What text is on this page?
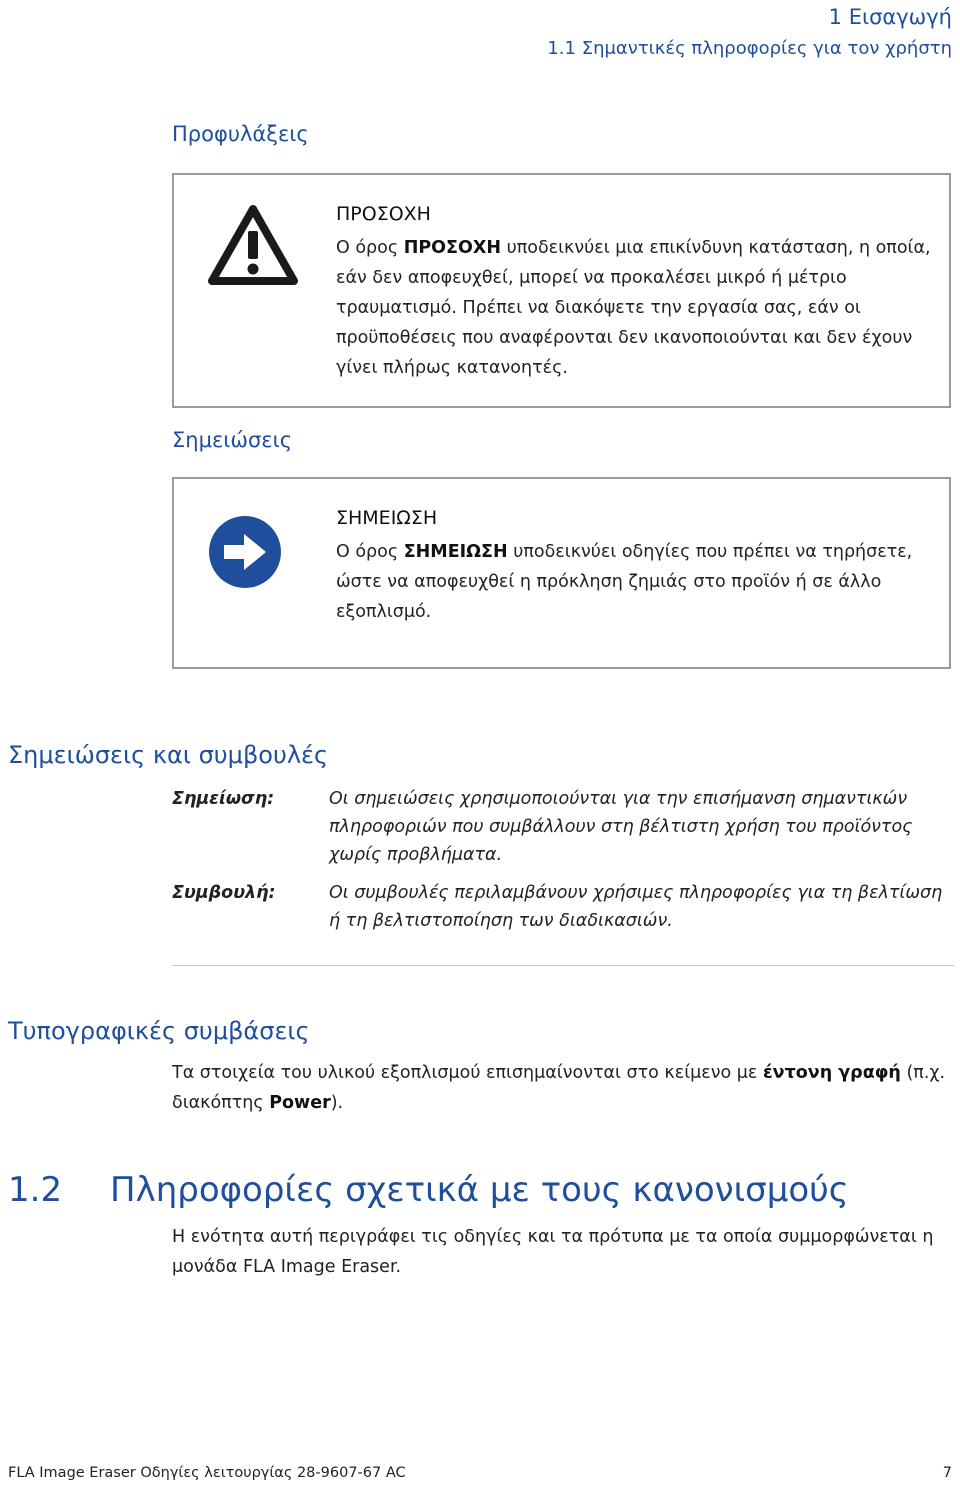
1 Εισαγωγή
1.1 Σημαντικές πληροφορίες για τον χρήστη
Προφυλάξεις
ΠΡΟΣΟΧΗ
Ο όρος ΠΡΟΣΟΧΗ υποδεικνύει μια επικίνδυνη κατάσταση, η οποία, εάν δεν αποφευχθεί, μπορεί να προκαλέσει μικρό ή μέτριο τραυματισμό. Πρέπει να διακόψετε την εργασία σας, εάν οι προϋποθέσεις που αναφέρονται δεν ικανοποιούνται και δεν έχουν γίνει πλήρως κατανοητές.
Σημειώσεις
ΣΗΜΕΙΩΣΗ
Ο όρος ΣΗΜΕΙΩΣΗ υποδεικνύει οδηγίες που πρέπει να τηρήσετε, ώστε να αποφευχθεί η πρόκληση ζημιάς στο προϊόν ή σε άλλο εξοπλισμό.
Σημειώσεις και συμβουλές
Σημείωση:	Οι σημειώσεις χρησιμοποιούνται για την επισήμανση σημαντικών πληροφοριών που συμβάλλουν στη βέλτιστη χρήση του προϊόντος χωρίς προβλήματα.
Συμβουλή:	Οι συμβουλές περιλαμβάνουν χρήσιμες πληροφορίες για τη βελτίωση ή τη βελτιστοποίηση των διαδικασιών.
Τυπογραφικές συμβάσεις
Τα στοιχεία του υλικού εξοπλισμού επισημαίνονται στο κείμενο με έντονη γραφή (π.χ. διακόπτης Power).
1.2 Πληροφορίες σχετικά με τους κανονισμούς
Η ενότητα αυτή περιγράφει τις οδηγίες και τα πρότυπα με τα οποία συμμορφώνεται η μονάδα FLA Image Eraser.
FLA Image Eraser Οδηγίες λειτουργίας 28-9607-67 AC	7
